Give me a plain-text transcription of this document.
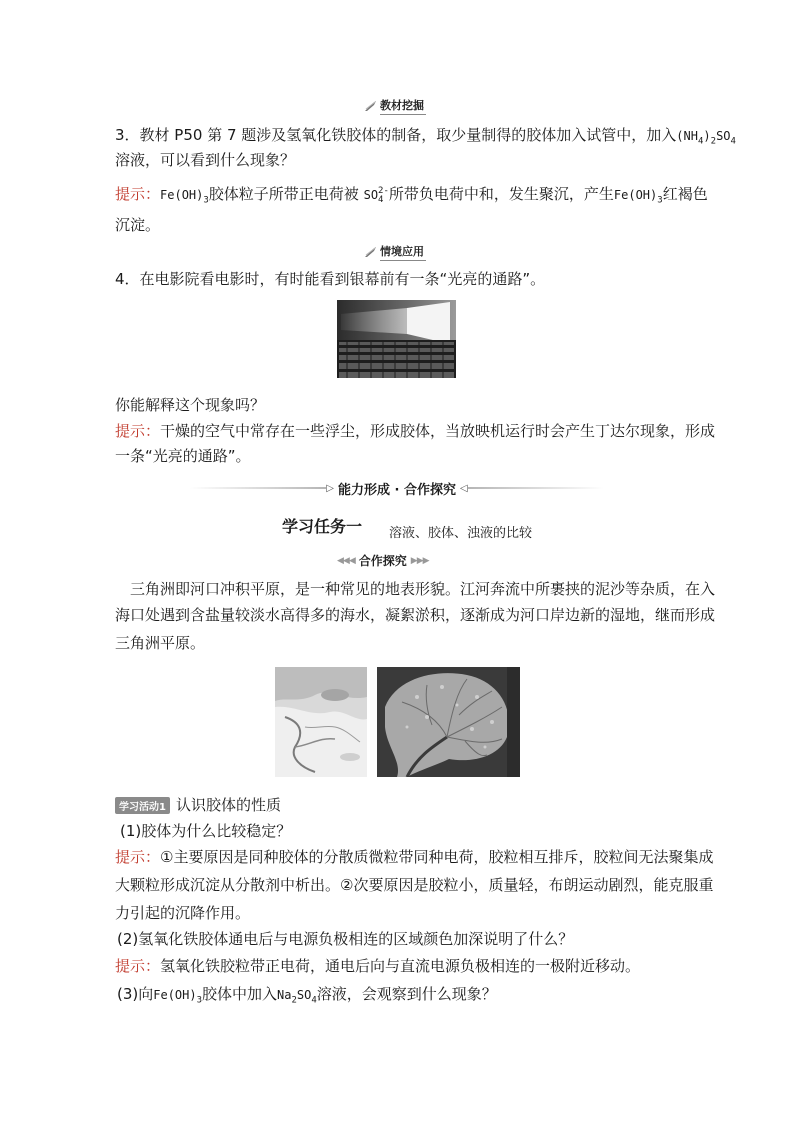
教材挖掘
3．教材 P50 第 7 题涉及氢氧化铁胶体的制备，取少量制得的胶体加入试管中，加入$(NH_4)_2SO_4$
溶液，可以看到什么现象？
提示：$Fe(OH)_3$胶体粒子所带正电荷被 SO 2-
4 所带负电荷中和，发生聚沉，产生$Fe(OH)_3$红褐色
沉淀。
情境应用
4．在电影院看电影时，有时能看到银幕前有一条“光亮的通路”。
你能解释这个现象吗？
提示：干燥的空气中常存在一些浮尘，形成胶体，当放映机运行时会产生丁达尔现象，形成
一条“光亮的通路”。
▷ 能力形成 · 合作探究 ◁
学习任务一 溶液、胶体、浊液的比较
◀◀◀ 合作探究 ▶▶▶
三角洲即河口冲积平原，是一种常见的地表形貌。江河奔流中所裹挟的泥沙等杂质，在入
海口处遇到含盐量较淡水高得多的海水，凝絮淤积，逐渐成为河口岸边新的湿地，继而形成
三角洲平原。
学习活动1 认识胶体的性质
(1)胶体为什么比较稳定？
提示：①主要原因是同种胶体的分散质微粒带同种电荷，胶粒相互排斥，胶粒间无法聚集成
大颗粒形成沉淀从分散剂中析出。②次要原因是胶粒小，质量轻，布朗运动剧烈，能克服重
力引起的沉降作用。
(2)氢氧化铁胶体通电后与电源负极相连的区域颜色加深说明了什么？
提示：氢氧化铁胶粒带正电荷，通电后向与直流电源负极相连的一极附近移动。
(3)向$Fe(OH)_3$胶体中加入$Na_2SO_4$溶液，会观察到什么现象？
